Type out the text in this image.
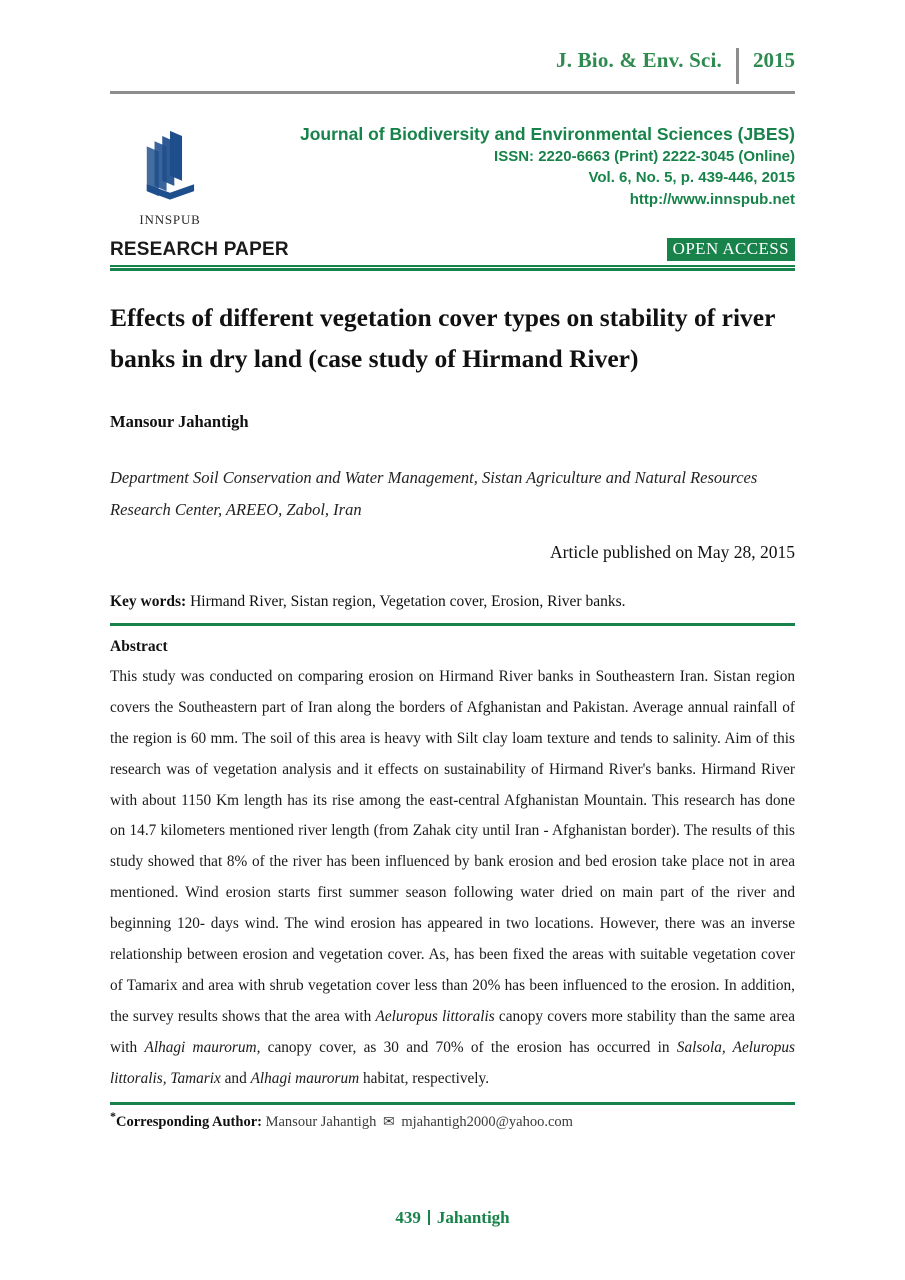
J. Bio. & Env. Sci.	2015
INNSPUB
Journal of Biodiversity and Environmental Sciences (JBES)
ISSN: 2220-6663 (Print) 2222-3045 (Online)
Vol. 6, No. 5, p. 439-446, 2015
http://www.innspub.net
RESEARCH PAPER	OPEN ACCESS
Effects of different vegetation cover types on stability of river
banks in dry land (case study of Hirmand River)
Mansour Jahantigh
Department Soil Conservation and Water Management, Sistan Agriculture and Natural Resources Research Center, AREEO, Zabol, Iran
Article published on May 28, 2015
Key words: Hirmand River, Sistan region, Vegetation cover, Erosion, River banks.
Abstract
This study was conducted on comparing erosion on Hirmand River banks in Southeastern Iran. Sistan region covers the Southeastern part of Iran along the borders of Afghanistan and Pakistan. Average annual rainfall of the region is 60 mm. The soil of this area is heavy with Silt clay loam texture and tends to salinity. Aim of this research was of vegetation analysis and it effects on sustainability of Hirmand River's banks. Hirmand River with about 1150 Km length has its rise among the east-central Afghanistan Mountain. This research has done on 14.7 kilometers mentioned river length (from Zahak city until Iran - Afghanistan border). The results of this study showed that 8% of the river has been influenced by bank erosion and bed erosion take place not in area mentioned. Wind erosion starts first summer season following water dried on main part of the river and beginning 120- days wind. The wind erosion has appeared in two locations. However, there was an inverse relationship between erosion and vegetation cover. As, has been fixed the areas with suitable vegetation cover of Tamarix and area with shrub vegetation cover less than 20% has been influenced to the erosion. In addition, the survey results shows that the area with Aeluropus littoralis canopy covers more stability than the same area with Alhagi maurorum, canopy cover, as 30 and 70% of the erosion has occurred in Salsola, Aeluropus littoralis, Tamarix and Alhagi maurorum habitat, respectively.
*Corresponding Author: Mansour Jahantigh ✉ mjahantigh2000@yahoo.com
439 Jahantigh
